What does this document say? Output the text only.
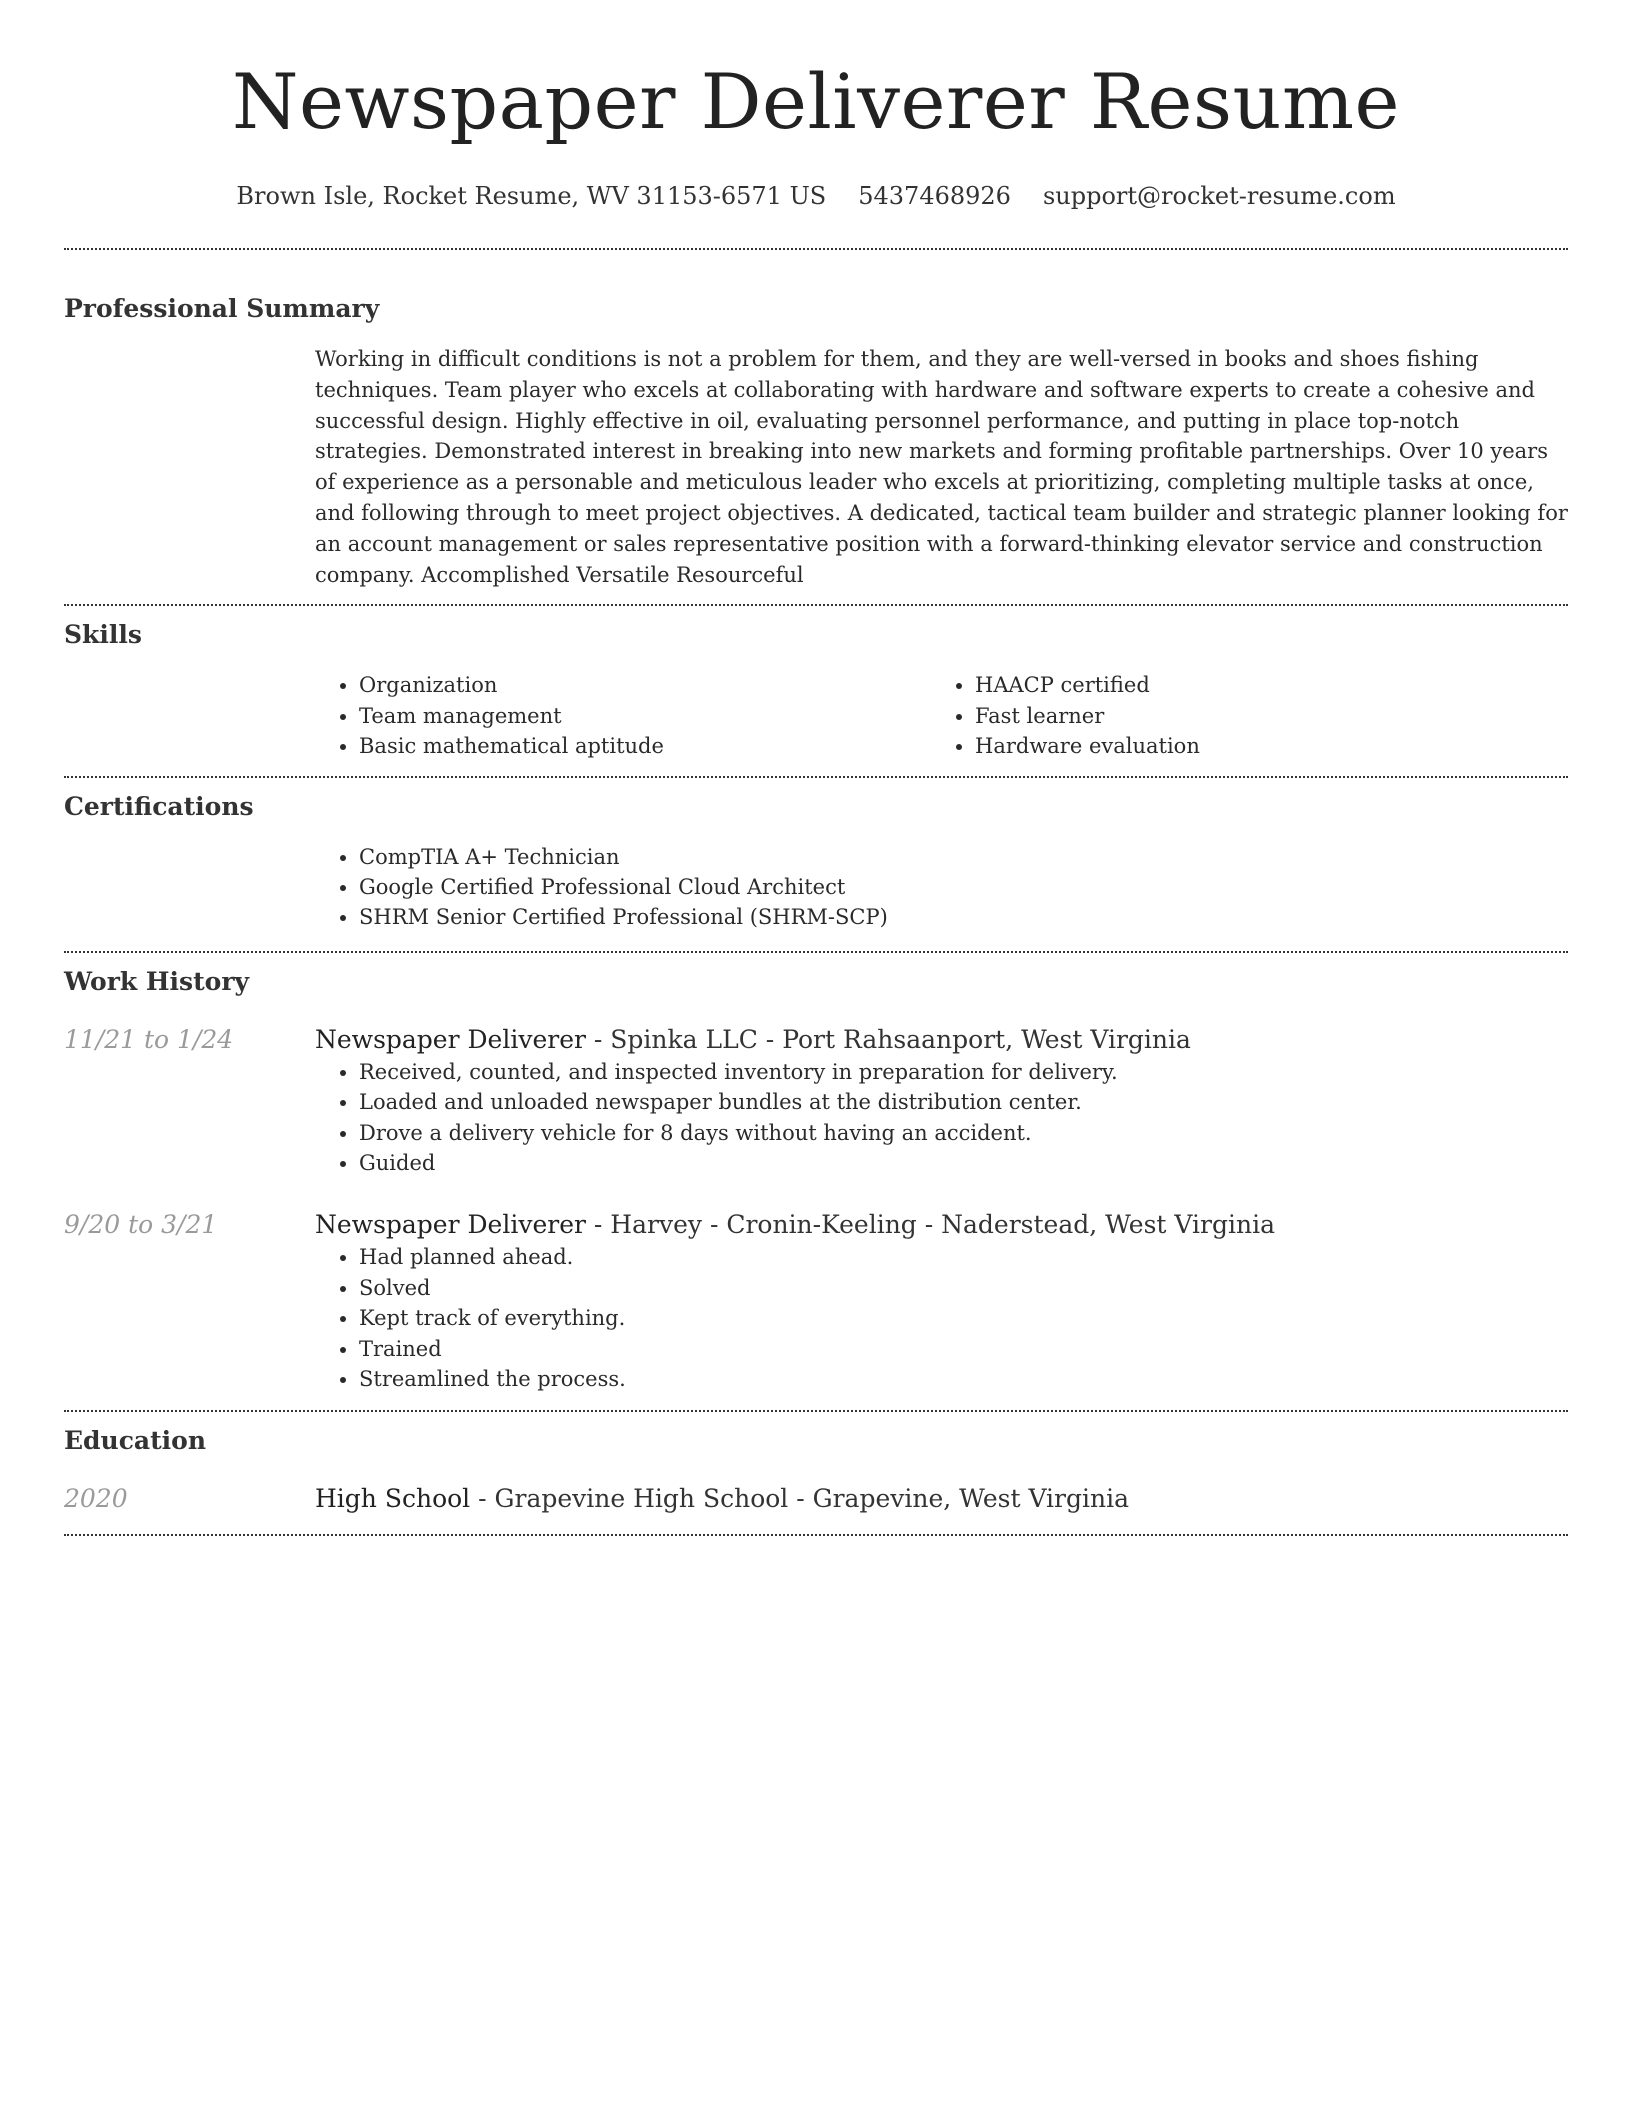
Newspaper Deliverer Resume
Brown Isle, Rocket Resume, WV 31153-6571 US 5437468926 support@rocket-resume.com
Professional Summary
Working in difficult conditions is not a problem for them, and they are well-versed in books and shoes fishing techniques. Team player who excels at collaborating with hardware and software experts to create a cohesive and successful design. Highly effective in oil, evaluating personnel performance, and putting in place top-notch strategies. Demonstrated interest in breaking into new markets and forming profitable partnerships. Over 10 years of experience as a personable and meticulous leader who excels at prioritizing, completing multiple tasks at once, and following through to meet project objectives. A dedicated, tactical team builder and strategic planner looking for an account management or sales representative position with a forward-thinking elevator service and construction company. Accomplished Versatile Resourceful
Skills
• Organization
• Team management
• Basic mathematical aptitude
• HAACP certified
• Fast learner
• Hardware evaluation
Certifications
• CompTIA A+ Technician
• Google Certified Professional Cloud Architect
• SHRM Senior Certified Professional (SHRM-SCP)
Work History
11/21 to 1/24	Newspaper Deliverer - Spinka LLC - Port Rahsaanport, West Virginia
• Received, counted, and inspected inventory in preparation for delivery.
• Loaded and unloaded newspaper bundles at the distribution center.
• Drove a delivery vehicle for 8 days without having an accident.
• Guided
9/20 to 3/21	Newspaper Deliverer - Harvey - Cronin-Keeling - Naderstead, West Virginia
• Had planned ahead.
• Solved
• Kept track of everything.
• Trained
• Streamlined the process.
Education
2020	High School - Grapevine High School - Grapevine, West Virginia
